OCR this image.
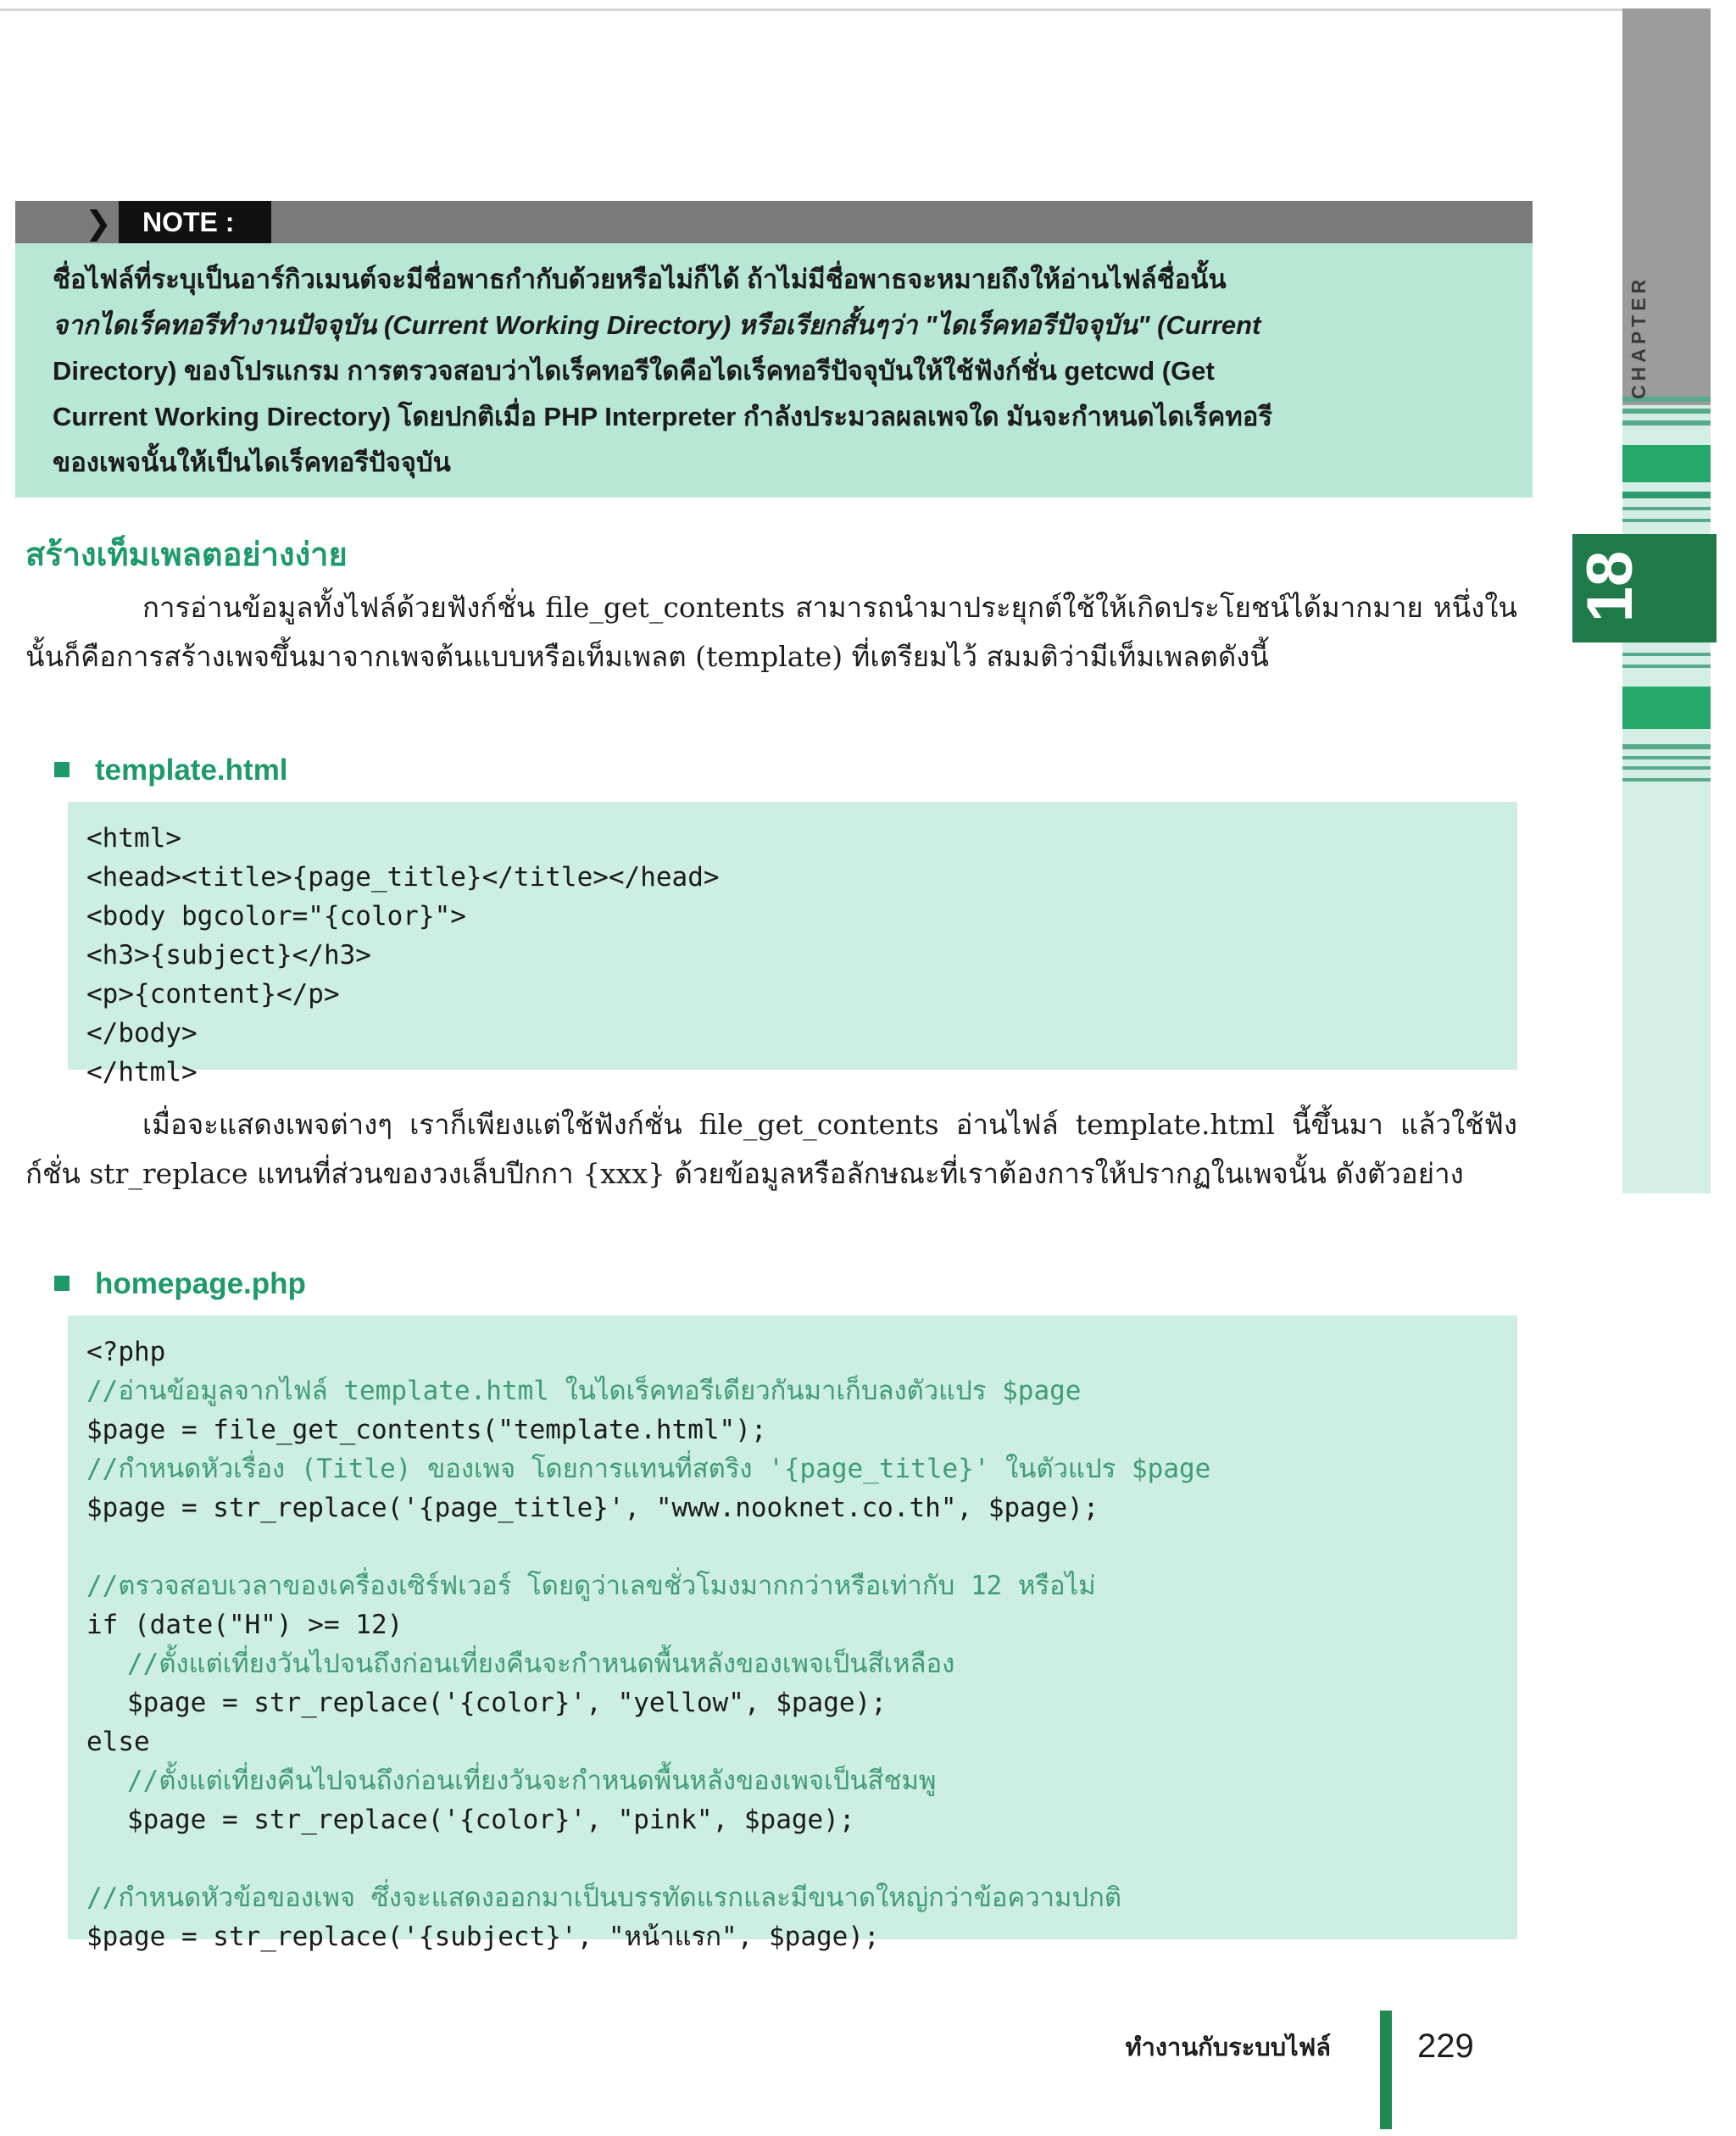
CHAPTER
18
❯	NOTE :
ชื่อไฟล์ที่ระบุเป็นอาร์กิวเมนต์จะมีชื่อพาธกำกับด้วยหรือไม่ก็ได้ ถ้าไม่มีชื่อพาธจะหมายถึงให้อ่านไฟล์ชื่อนั้น
จากไดเร็คทอรีทำงานปัจจุบัน (Current Working Directory) หรือเรียกสั้นๆว่า "ไดเร็คทอรีปัจจุบัน" (Current
Directory) ของโปรแกรม การตรวจสอบว่าไดเร็คทอรีใดคือไดเร็คทอรีปัจจุบันให้ใช้ฟังก์ชั่น getcwd (Get
Current Working Directory) โดยปกติเมื่อ PHP Interpreter กำลังประมวลผลเพจใด มันจะกำหนดไดเร็คทอรี
ของเพจนั้นให้เป็นไดเร็คทอรีปัจจุบัน
สร้างเท็มเพลตอย่างง่าย
การอ่านข้อมูลทั้งไฟล์ด้วยฟังก์ชั่น file_get_contents สามารถนำมาประยุกต์ใช้ให้เกิดประโยชน์ได้มากมาย หนึ่งในนั้นก็คือการสร้างเพจขึ้นมาจากเพจต้นแบบหรือเท็มเพลต (template) ที่เตรียมไว้ สมมติว่ามีเท็มเพลตดังนี้
template.html
<html>
<head><title>{page_title}</title></head>
<body bgcolor="{color}">
<h3>{subject}</h3>
<p>{content}</p>
</body>
</html>
เมื่อจะแสดงเพจต่างๆ เราก็เพียงแต่ใช้ฟังก์ชั่น file_get_contents อ่านไฟล์ template.html นี้ขึ้นมา แล้วใช้ฟังก์ชั่น str_replace แทนที่ส่วนของวงเล็บปีกกา {xxx} ด้วยข้อมูลหรือลักษณะที่เราต้องการให้ปรากฏในเพจนั้น ดังตัวอย่าง
homepage.php
<?php
//อ่านข้อมูลจากไฟล์ template.html ในไดเร็คทอรีเดียวกันมาเก็บลงตัวแปร $page
$page = file_get_contents("template.html");
//กำหนดหัวเรื่อง (Title) ของเพจ โดยการแทนที่สตริง '{page_title}' ในตัวแปร $page
$page = str_replace('{page_title}', "www.nooknet.co.th", $page);
//ตรวจสอบเวลาของเครื่องเซิร์ฟเวอร์ โดยดูว่าเลขชั่วโมงมากกว่าหรือเท่ากับ 12 หรือไม่
if (date("H") >= 12)
//ตั้งแต่เที่ยงวันไปจนถึงก่อนเที่ยงคืนจะกำหนดพื้นหลังของเพจเป็นสีเหลือง
$page = str_replace('{color}', "yellow", $page);
else
//ตั้งแต่เที่ยงคืนไปจนถึงก่อนเที่ยงวันจะกำหนดพื้นหลังของเพจเป็นสีชมพู
$page = str_replace('{color}', "pink", $page);
//กำหนดหัวข้อของเพจ ซึ่งจะแสดงออกมาเป็นบรรทัดแรกและมีขนาดใหญ่กว่าข้อความปกติ
$page = str_replace('{subject}', "หน้าแรก", $page);
ทำงานกับระบบไฟล์	229
